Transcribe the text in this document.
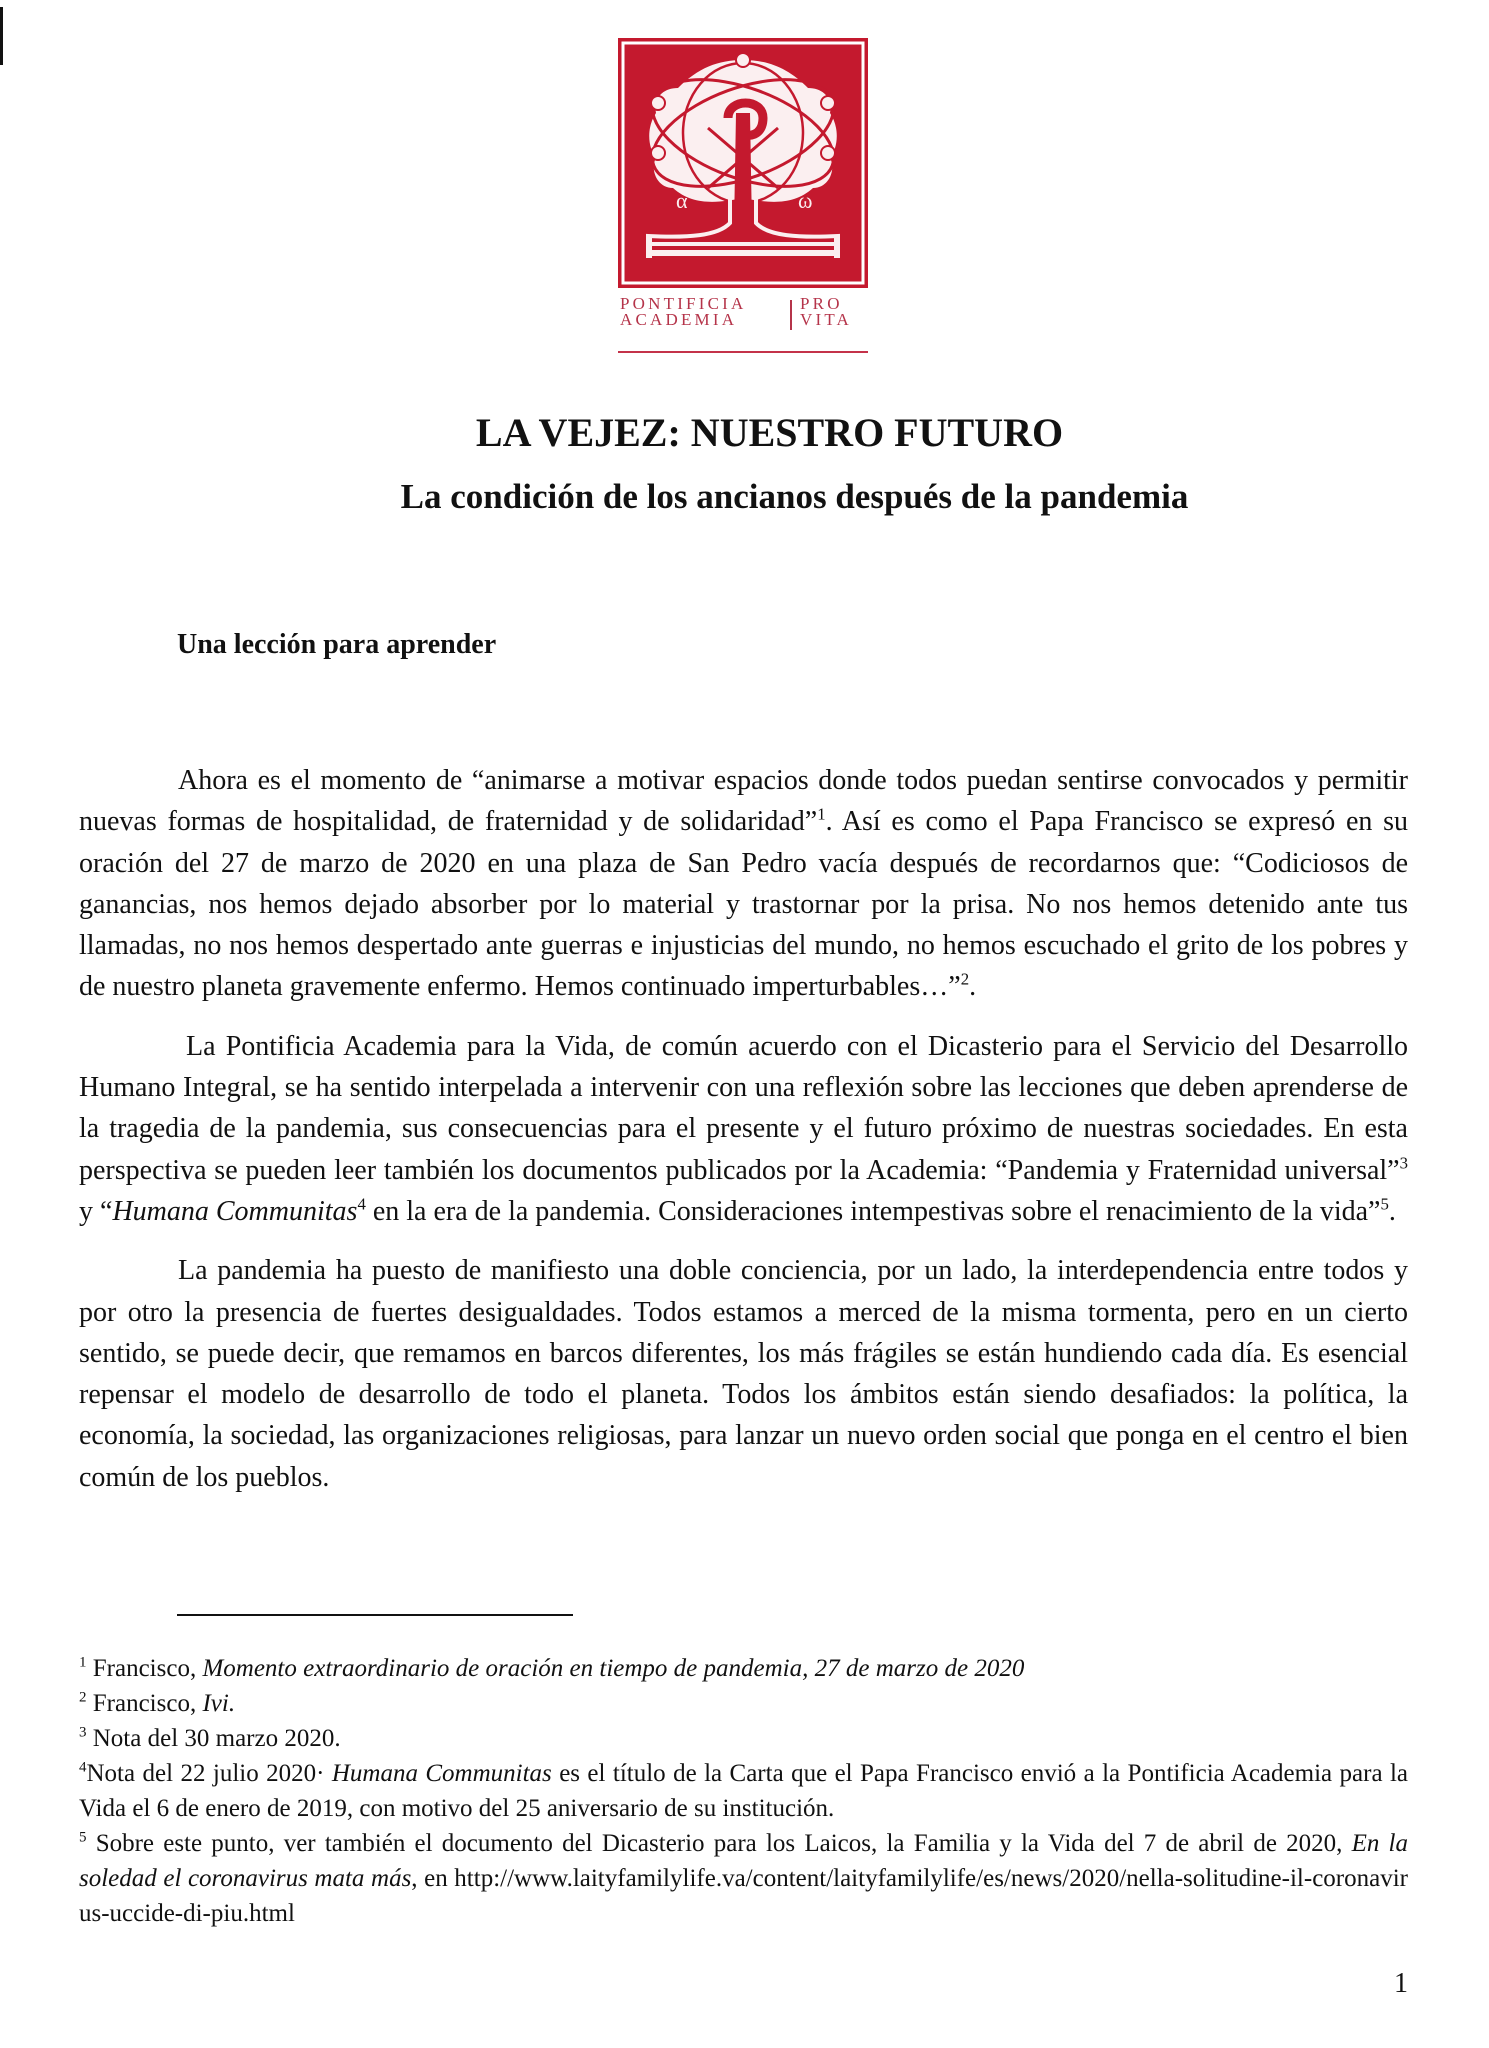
α	ω
PONTIFICIA
ACADEMIA
PRO
VITA
LA VEJEZ: NUESTRO FUTURO
La condición de los ancianos después de la pandemia
Una lección para aprender

Ahora es el momento de “animarse a motivar espacios donde todos puedan sentirse convocados y permitir nuevas formas de hospitalidad, de fraternidad y de solidaridad”$^1$. Así es como el Papa Francisco se expresó en su oración del 27 de marzo de 2020 en una plaza de San Pedro vacía después de recordarnos que: “Codiciosos de ganancias, nos hemos dejado absorber por lo material y trastornar por la prisa. No nos hemos detenido ante tus llamadas, no nos hemos despertado ante guerras e injusticias del mundo, no hemos escuchado el grito de los pobres y de nuestro planeta gravemente enfermo. Hemos continuado imperturbables…”$^2$.

La Pontificia Academia para la Vida, de común acuerdo con el Dicasterio para el Servicio del Desarrollo Humano Integral, se ha sentido interpelada a intervenir con una reflexión sobre las lecciones que deben aprenderse de la tragedia de la pandemia, sus consecuencias para el presente y el futuro próximo de nuestras sociedades. En esta perspectiva se pueden leer también los documentos publicados por la Academia: “Pandemia y Fraternidad universal”$^3$ y “Humana Communitas$^4$ en la era de la pandemia. Consideraciones intempestivas sobre el renacimiento de la vida”$^5$.

La pandemia ha puesto de manifiesto una doble conciencia, por un lado, la interdependencia entre todos y por otro la presencia de fuertes desigualdades. Todos estamos a merced de la misma tormenta, pero en un cierto sentido, se puede decir, que remamos en barcos diferentes, los más frágiles se están hundiendo cada día. Es esencial repensar el modelo de desarrollo de todo el planeta. Todos los ámbitos están siendo desafiados: la política, la economía, la sociedad, las organizaciones religiosas, para lanzar un nuevo orden social que ponga en el centro el bien común de los pueblos.

$^1$ Francisco, Momento extraordinario de oración en tiempo de pandemia, 27 de marzo de 2020

$^2$ Francisco, Ivi.

$^3$ Nota del 30 marzo 2020.

$^4$Nota del 22 julio 2020· Humana Communitas es el título de la Carta que el Papa Francisco envió a la Pontificia Academia para la Vida el 6 de enero de 2019, con motivo del 25 aniversario de su institución.

$^5$ Sobre este punto, ver también el documento del Dicasterio para los Laicos, la Familia y la Vida del 7 de abril de 2020, En la soledad el coronavirus mata más, en http://www.laityfamilylife.va/content/laityfamilylife/es/news/2020/nella-solitudine-il-coronavirus-uccide-di-piu.html

1
